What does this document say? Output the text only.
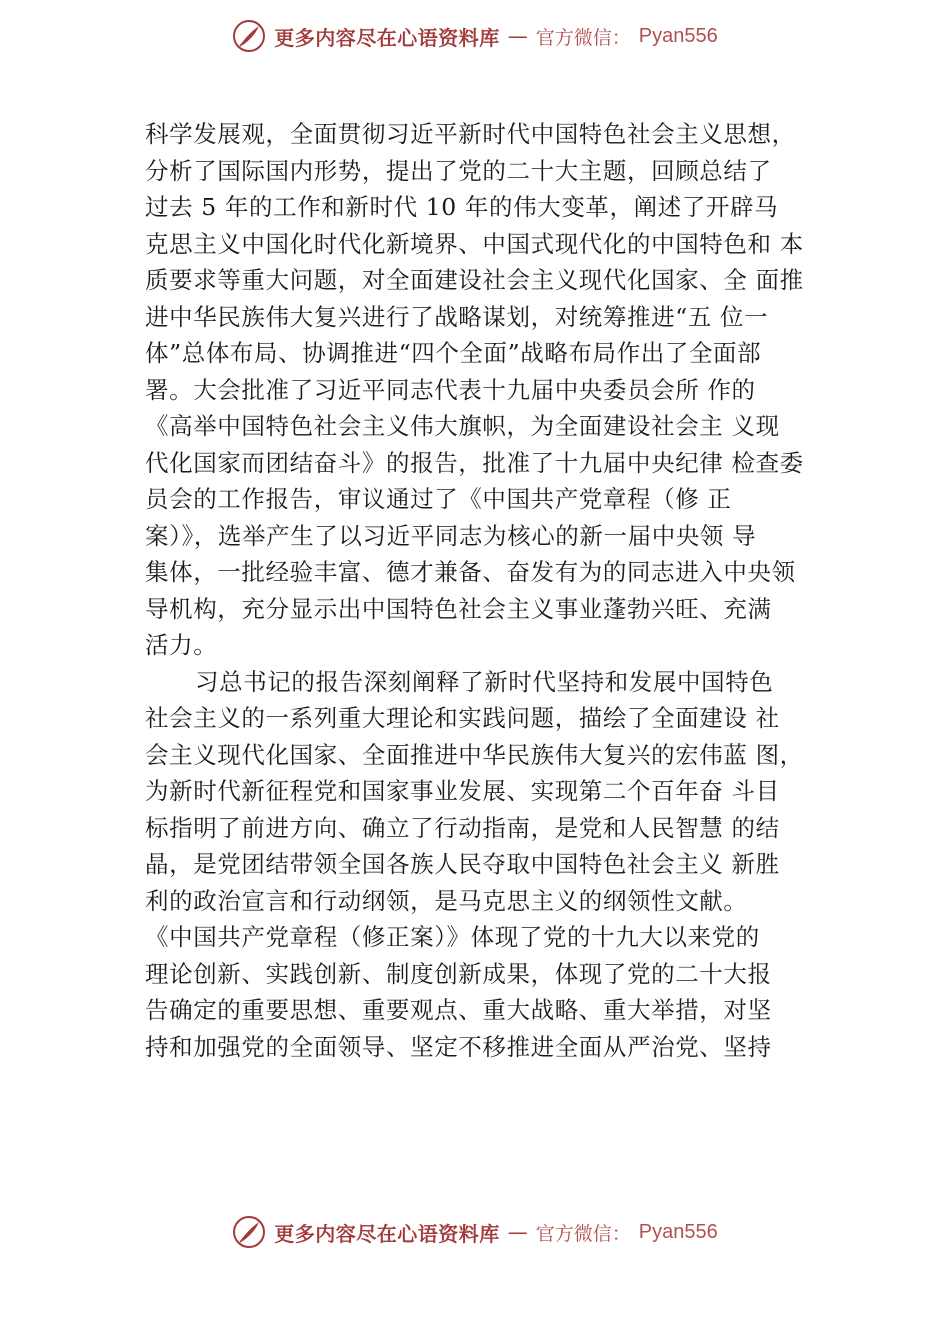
更多内容尽在心语资料库 — 官方微信： Pyan556
科学发展观，全面贯彻习近平新时代中国特色社会主义思想，
分析了国际国内形势，提出了党的二十大主题，回顾总结了
过去 5 年的工作和新时代 10 年的伟大变革，阐述了开辟马
克思主义中国化时代化新境界、中国式现代化的中国特色和 本
质要求等重大问题，对全面建设社会主义现代化国家、全 面推
进中华民族伟大复兴进行了战略谋划，对统筹推进“五 位一
体”总体布局、协调推进“四个全面”战略布局作出了全面部
署。大会批准了习近平同志代表十九届中央委员会所 作的
《高举中国特色社会主义伟大旗帜，为全面建设社会主 义现
代化国家而团结奋斗》的报告，批准了十九届中央纪律 检查委
员会的工作报告，审议通过了《中国共产党章程（修 正
案）》，选举产生了以习近平同志为核心的新一届中央领 导
集体，一批经验丰富、德才兼备、奋发有为的同志进入中央领
导机构，充分显示出中国特色社会主义事业蓬勃兴旺、充满
活力。
习总书记的报告深刻阐释了新时代坚持和发展中国特色
社会主义的一系列重大理论和实践问题，描绘了全面建设 社
会主义现代化国家、全面推进中华民族伟大复兴的宏伟蓝 图，
为新时代新征程党和国家事业发展、实现第二个百年奋 斗目
标指明了前进方向、确立了行动指南，是党和人民智慧 的结
晶，是党团结带领全国各族人民夺取中国特色社会主义 新胜
利的政治宣言和行动纲领，是马克思主义的纲领性文献。
《中国共产党章程（修正案）》体现了党的十九大以来党的
理论创新、实践创新、制度创新成果，体现了党的二十大报
告确定的重要思想、重要观点、重大战略、重大举措，对坚
持和加强党的全面领导、坚定不移推进全面从严治党、坚持
更多内容尽在心语资料库 — 官方微信： Pyan556
